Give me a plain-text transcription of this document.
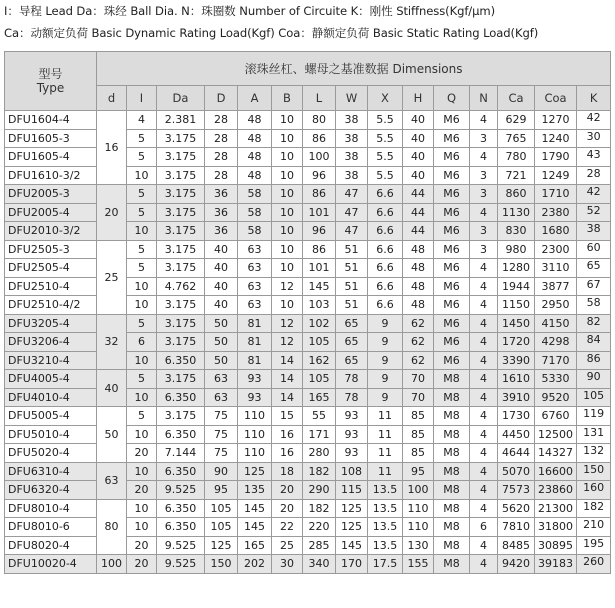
I：导程 Lead Da：珠经 Ball Dia. N：珠圈数 Number of Circuite K：刚性 Stiffness(Kgf/μm)
Ca：动额定负荷 Basic Dynamic Rating Load(Kgf) Coa：静额定负荷 Basic Static Rating Load(Kgf)
型号
Type	滚珠丝杠、螺母之基准数据 Dimensions														
	d	I	Da	D	A	B	L	W	X	H	Q	N	Ca	Coa	K
DFU1604-4	16	4	2.381	28	48	10	80	38	5.5	40	M6	4	629	1270	42
DFU1605-3		5	3.175	28	48	10	86	38	5.5	40	M6	3	765	1240	30
DFU1605-4		5	3.175	28	48	10	100	38	5.5	40	M6	4	780	1790	43
DFU1610-3/2		10	3.175	28	48	10	96	38	5.5	40	M6	3	721	1249	28
DFU2005-3	20	5	3.175	36	58	10	86	47	6.6	44	M6	3	860	1710	42
DFU2005-4		5	3.175	36	58	10	101	47	6.6	44	M6	4	1130	2380	52
DFU2010-3/2		10	3.175	36	58	10	96	47	6.6	44	M6	3	830	1680	38
DFU2505-3	25	5	3.175	40	63	10	86	51	6.6	48	M6	3	980	2300	60
DFU2505-4		5	3.175	40	63	10	101	51	6.6	48	M6	4	1280	3110	65
DFU2510-4		10	4.762	40	63	12	145	51	6.6	48	M6	4	1944	3877	67
DFU2510-4/2		10	3.175	40	63	10	103	51	6.6	48	M6	4	1150	2950	58
DFU3205-4	32	5	3.175	50	81	12	102	65	9	62	M6	4	1450	4150	82
DFU3206-4		6	3.175	50	81	12	105	65	9	62	M6	4	1720	4298	84
DFU3210-4		10	6.350	50	81	14	162	65	9	62	M6	4	3390	7170	86
DFU4005-4	40	5	3.175	63	93	14	105	78	9	70	M8	4	1610	5330	90
DFU4010-4		10	6.350	63	93	14	165	78	9	70	M8	4	3910	9520	105
DFU5005-4	50	5	3.175	75	110	15	55	93	11	85	M8	4	1730	6760	119
DFU5010-4		10	6.350	75	110	16	171	93	11	85	M8	4	4450	12500	131
DFU5020-4		20	7.144	75	110	16	280	93	11	85	M8	4	4644	14327	132
DFU6310-4	63	10	6.350	90	125	18	182	108	11	95	M8	4	5070	16600	150
DFU6320-4		20	9.525	95	135	20	290	115	13.5	100	M8	4	7573	23860	160
DFU8010-4	80	10	6.350	105	145	20	182	125	13.5	110	M8	4	5620	21300	182
DFU8010-6		10	6.350	105	145	22	220	125	13.5	110	M8	6	7810	31800	210
DFU8020-4		20	9.525	125	165	25	285	145	13.5	130	M8	4	8485	30895	195
DFU10020-4	100	20	9.525	150	202	30	340	170	17.5	155	M8	4	9420	39183	260
